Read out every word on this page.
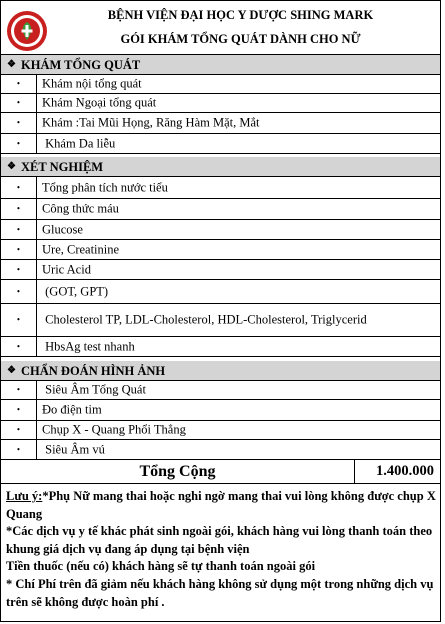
BỆNH VIỆN ĐẠI HỌC Y DƯỢC SHING MARK
GÓI KHÁM TỔNG QUÁT DÀNH CHO NỮ
❖ KHÁM TỔNG QUÁT
•	Khám nội tổng quát
•	Khám Ngoại tổng quát
•	Khám :Tai Mũi Họng, Răng Hàm Mặt, Mắt
•	Khám Da liễu
❖ XÉT NGHIỆM
•	Tổng phân tích nước tiểu
•	Công thức máu
•	Glucose
•	Ure, Creatinine
•	Uric Acid
•	(GOT, GPT)
•	Cholesterol TP, LDL-Cholesterol, HDL-Cholesterol, Triglycerid
•	HbsAg test nhanh
❖ CHẨN ĐOÁN HÌNH ẢNH
•	Siêu Âm Tổng Quát
•	Đo điện tim
•	Chụp X - Quang Phổi Thẳng
•	Siêu Âm vú
Tổng Cộng	1.400.000
Lưu ý:*Phụ Nữ mang thai hoặc nghi ngờ mang thai vui lòng không được chụp X Quang
*Các dịch vụ y tế khác phát sinh ngoài gói, khách hàng vui lòng thanh toán theo khung giá dịch vụ đang áp dụng tại bệnh viện
Tiền thuốc (nếu có) khách hàng sẽ tự thanh toán ngoài gói
* Chí Phí trên đã giảm nếu khách hàng không sử dụng một trong những dịch vụ trên sẽ không được hoàn phí .
